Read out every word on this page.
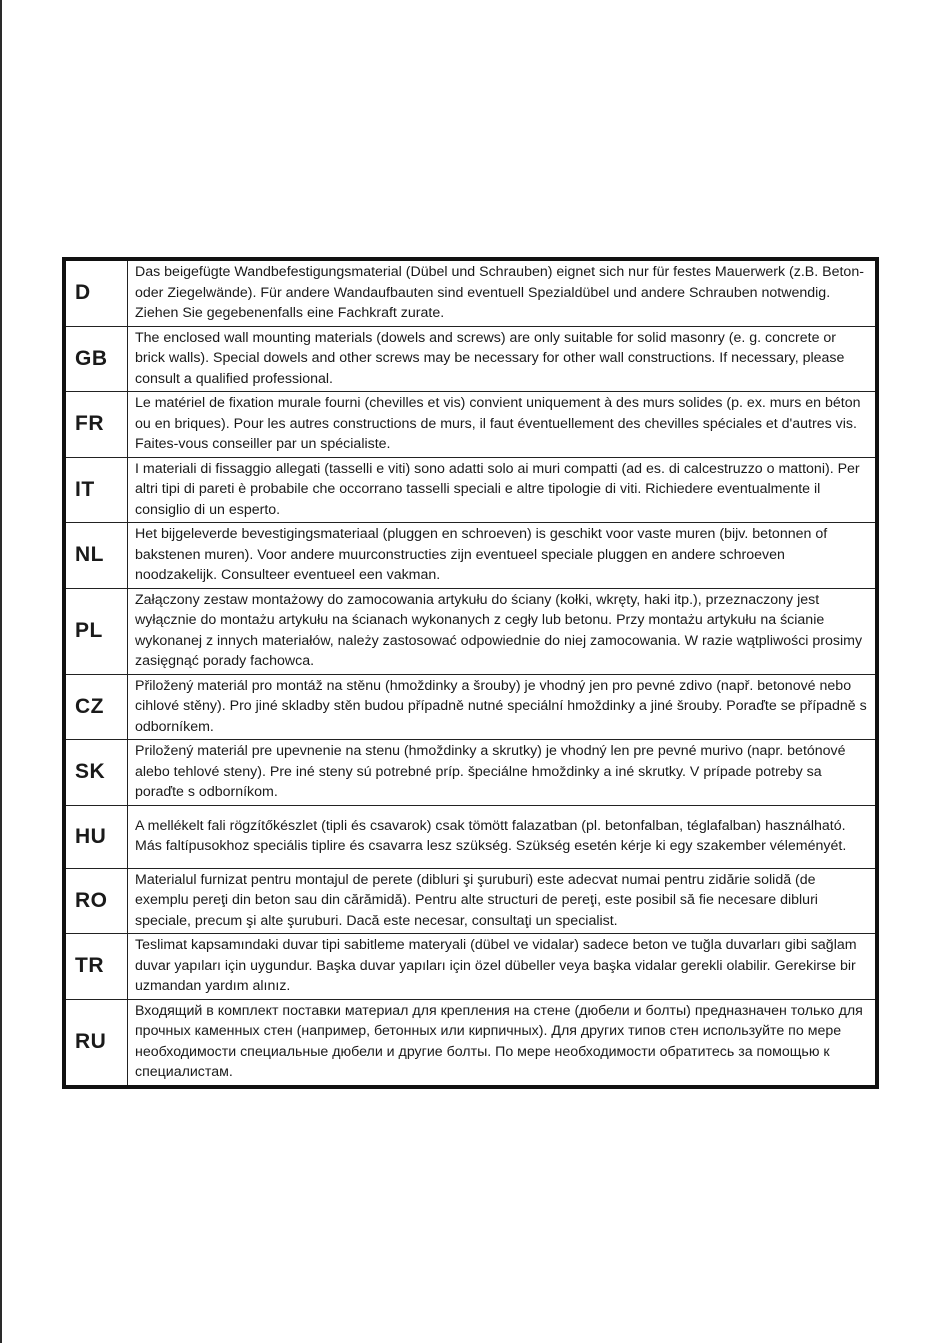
D	Das beigefügte Wandbefestigungsmaterial (Dübel und Schrauben) eignet sich nur für festes Mauerwerk (z.B. Beton- oder Ziegelwände). Für andere Wandaufbauten sind eventuell Spezialdübel und andere Schrauben notwendig. Ziehen Sie gegebenenfalls eine Fachkraft zurate.
GB	The enclosed wall mounting materials (dowels and screws) are only suitable for solid masonry (e. g. concrete or brick walls). Special dowels and other screws may be necessary for other wall constructions. If necessary, please consult a qualified professional.
FR	Le matériel de fixation murale fourni (chevilles et vis) convient uniquement à des murs solides (p. ex. murs en béton ou en briques). Pour les autres constructions de murs, il faut éventuellement des chevilles spéciales et d'autres vis. Faites-vous conseiller par un spécialiste.
IT	I materiali di fissaggio allegati (tasselli e viti) sono adatti solo ai muri compatti (ad es. di calcestruzzo o mattoni). Per altri tipi di pareti è probabile che occorrano tasselli speciali e altre tipologie di viti. Richiedere eventualmente il consiglio di un esperto.
NL	Het bijgeleverde bevestigingsmateriaal (pluggen en schroeven) is geschikt voor vaste muren (bijv. betonnen of bakstenen muren). Voor andere muurconstructies zijn eventueel speciale pluggen en andere schroeven noodzakelijk. Consulteer eventueel een vakman.
PL	Załączony zestaw montażowy do zamocowania artykułu do ściany (kołki, wkręty, haki itp.), przeznaczony jest wyłącznie do montażu artykułu na ścianach wykonanych z cegły lub betonu. Przy montażu artykułu na ścianie wykonanej z innych materiałów, należy zastosować odpowiednie do niej zamocowania. W razie wątpliwości prosimy zasięgnąć porady fachowca.
CZ	Přiložený materiál pro montáž na stěnu (hmoždinky a šrouby) je vhodný jen pro pevné zdivo (např. betonové nebo cihlové stěny). Pro jiné skladby stěn budou případně nutné speciální hmoždinky a jiné šrouby. Poraďte se případně s odborníkem.
SK	Priložený materiál pre upevnenie na stenu (hmoždinky a skrutky) je vhodný len pre pevné murivo (napr. betónové alebo tehlové steny). Pre iné steny sú potrebné príp. špeciálne hmoždinky a iné skrutky. V prípade potreby sa poraďte s odborníkom.
HU	A mellékelt fali rögzítőkészlet (tipli és csavarok) csak tömött falazatban (pl. betonfalban, téglafalban) használható. Más faltípusokhoz speciális tiplire és csavarra lesz szükség. Szükség esetén kérje ki egy szakember véleményét.
RO	Materialul furnizat pentru montajul de perete (dibluri şi şuruburi) este adecvat numai pentru zidărie solidă (de exemplu pereţi din beton sau din cărămidă). Pentru alte structuri de pereţi, este posibil să fie necesare dibluri speciale, precum şi alte şuruburi. Dacă este necesar, consultaţi un specialist.
TR	Teslimat kapsamındaki duvar tipi sabitleme materyali (dübel ve vidalar) sadece beton ve tuğla duvarları gibi sağlam duvar yapıları için uygundur. Başka duvar yapıları için özel dübeller veya başka vidalar gerekli olabilir. Gerekirse bir uzmandan yardım alınız.
RU	Входящий в комплект поставки материал для крепления на стене (дюбели и болты) предназначен только для прочных каменных стен (например, бетонных или кирпичных). Для других типов стен используйте по мере необходимости специальные дюбели и другие болты. По мере необходимости обратитесь за помощью к специалистам.
